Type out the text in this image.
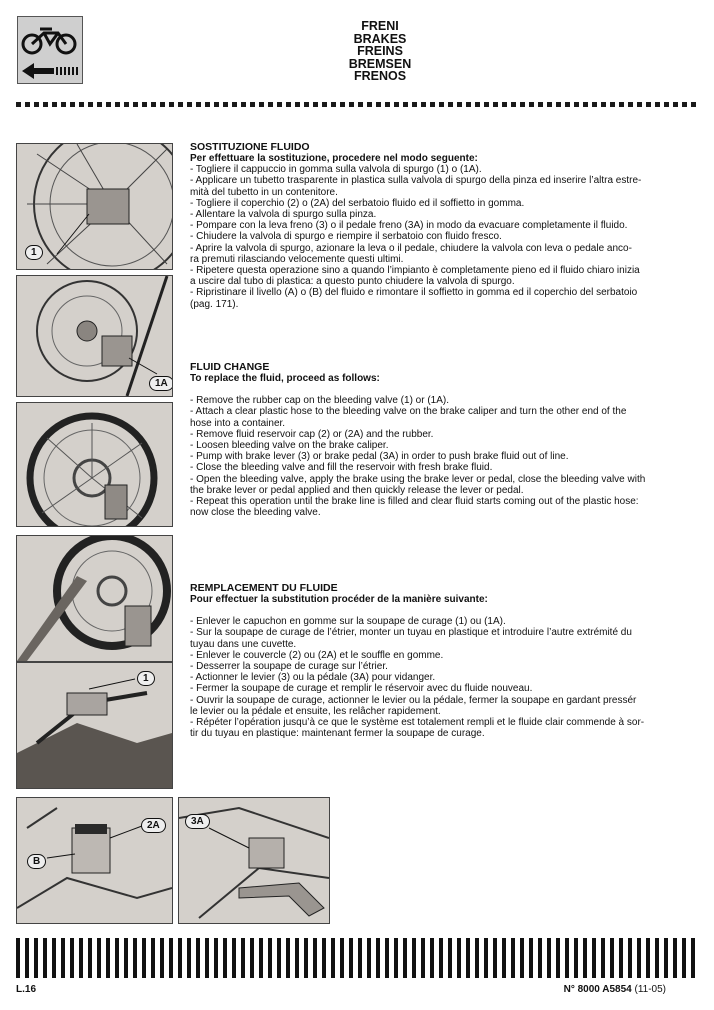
FRENI
BRAKES
FREINS
BREMSEN
FRENOS
1
1A
1
2A
B
3A
SOSTITUZIONE FLUIDO

Per effettuare la sostituzione, procedere nel modo seguente:

- Togliere il cappuccio in gomma sulla valvola di spurgo (1) o (1A).

- Applicare un tubetto trasparente in plastica sulla valvola di spurgo della pinza ed inserire l’altra estre-

mità del tubetto in un contenitore.

- Togliere il coperchio (2) o (2A) del serbatoio fluido ed il soffietto in gomma.

- Allentare la valvola di spurgo sulla pinza.

- Pompare con la leva freno (3) o il pedale freno (3A) in modo da evacuare completamente il fluido.

- Chiudere la valvola di spurgo e riempire il serbatoio con fluido fresco.

- Aprire la valvola di spurgo, azionare la leva o il pedale, chiudere la valvola con leva o pedale anco-

ra premuti rilasciando velocemente questi ultimi.

- Ripetere questa operazione sino a quando l’impianto è completamente pieno ed il fluido chiaro inizia

a uscire dal tubo di plastica: a questo punto chiudere la valvola di spurgo.

- Ripristinare il livello (A) o (B) del fluido e rimontare il soffietto in gomma ed il coperchio del serbatoio

(pag. 171).

FLUID CHANGE

To replace the fluid, proceed as follows:

- Remove the rubber cap on the bleeding valve (1) or (1A).

- Attach a clear plastic hose to the bleeding valve on the brake caliper and turn the other end of the

hose into a container.

- Remove fluid reservoir cap (2) or (2A) and the rubber.

- Loosen bleeding valve on the brake caliper.

- Pump with brake lever (3) or brake pedal (3A) in order to push brake fluid out of line.

- Close the bleeding valve and fill the reservoir with fresh brake fluid.

- Open the bleeding valve, apply the brake using the brake lever or pedal, close the bleeding valve with

the brake lever or pedal applied and then quickly release the lever or pedal.

- Repeat this operation until the brake line is filled and clear fluid starts coming out of the plastic hose:

now close the bleeding valve.

REMPLACEMENT DU FLUIDE

Pour effectuer la substitution procéder de la manière suivante:

- Enlever le capuchon en gomme sur la soupape de curage (1) ou (1A).

- Sur la soupape de curage de l’étrier, monter un tuyau en plastique et introduire l’autre extrémité du

tuyau dans une cuvette.

- Enlever le couvercle (2) ou (2A) et le souffle en gomme.

- Desserrer la soupape de curage sur l’étrier.

- Actionner le levier (3) ou la pédale (3A) pour vidanger.

- Fermer la soupape de curage et remplir le réservoir avec du fluide nouveau.

- Ouvrir la soupape de curage, actionner le levier ou la pédale, fermer la soupape en gardant pressér

le levier ou la pédale et ensuite, les relâcher rapidement.

- Répéter l’opération jusqu’à ce que le système est totalement rempli et le fluide clair commende à sor-

tir du tuyau en plastique: maintenant fermer la soupape de curage.

L.16	N° 8000 A5854 (11-05)
